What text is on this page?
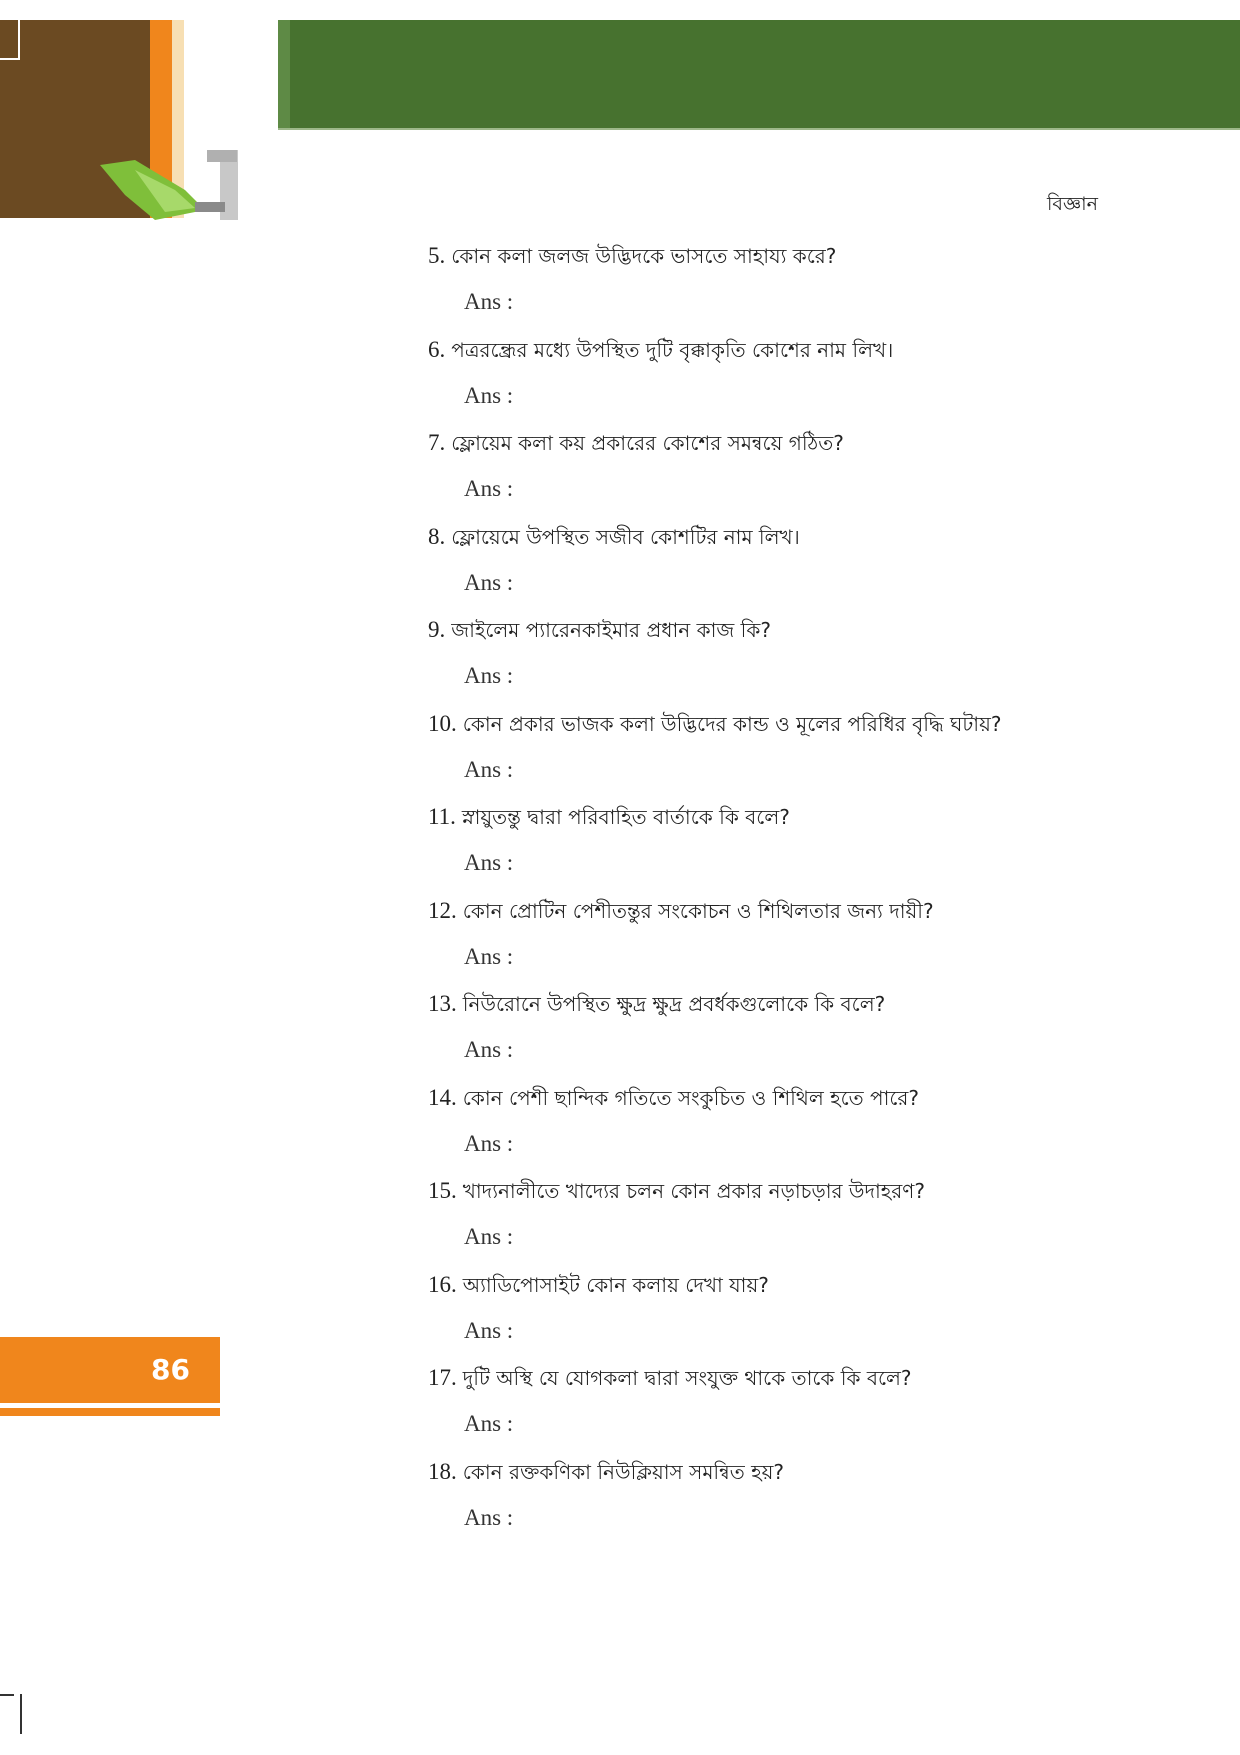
বিজ্ঞান
5. কোন কলা জলজ উদ্ভিদকে ভাসতে সাহায্য করে?
Ans :
6. পত্ররন্ধ্রের মধ্যে উপস্থিত দুটি বৃক্কাকৃতি কোশের নাম লিখ।
Ans :
7. ফ্লোয়েম কলা কয় প্রকারের কোশের সমন্বয়ে গঠিত?
Ans :
8. ফ্লোয়েমে উপস্থিত সজীব কোশটির নাম লিখ।
Ans :
9. জাইলেম প্যারেনকাইমার প্রধান কাজ কি?
Ans :
10. কোন প্রকার ভাজক কলা উদ্ভিদের কান্ড ও মূলের পরিধির বৃদ্ধি ঘটায়?
Ans :
11. স্নায়ুতন্তু দ্বারা পরিবাহিত বার্তাকে কি বলে?
Ans :
12. কোন প্রোটিন পেশীতন্তুর সংকোচন ও শিথিলতার জন্য দায়ী?
Ans :
13. নিউরোনে উপস্থিত ক্ষুদ্র ক্ষুদ্র প্রবর্ধকগুলোকে কি বলে?
Ans :
14. কোন পেশী ছান্দিক গতিতে সংকুচিত ও শিথিল হতে পারে?
Ans :
15. খাদ্যনালীতে খাদ্যের চলন কোন প্রকার নড়াচড়ার উদাহরণ?
Ans :
16. অ্যাডিপোসাইট কোন কলায় দেখা যায়?
Ans :
17. দুটি অস্থি যে যোগকলা দ্বারা সংযুক্ত থাকে তাকে কি বলে?
Ans :
18. কোন রক্তকণিকা নিউক্লিয়াস সমন্বিত হয়?
Ans :
86
